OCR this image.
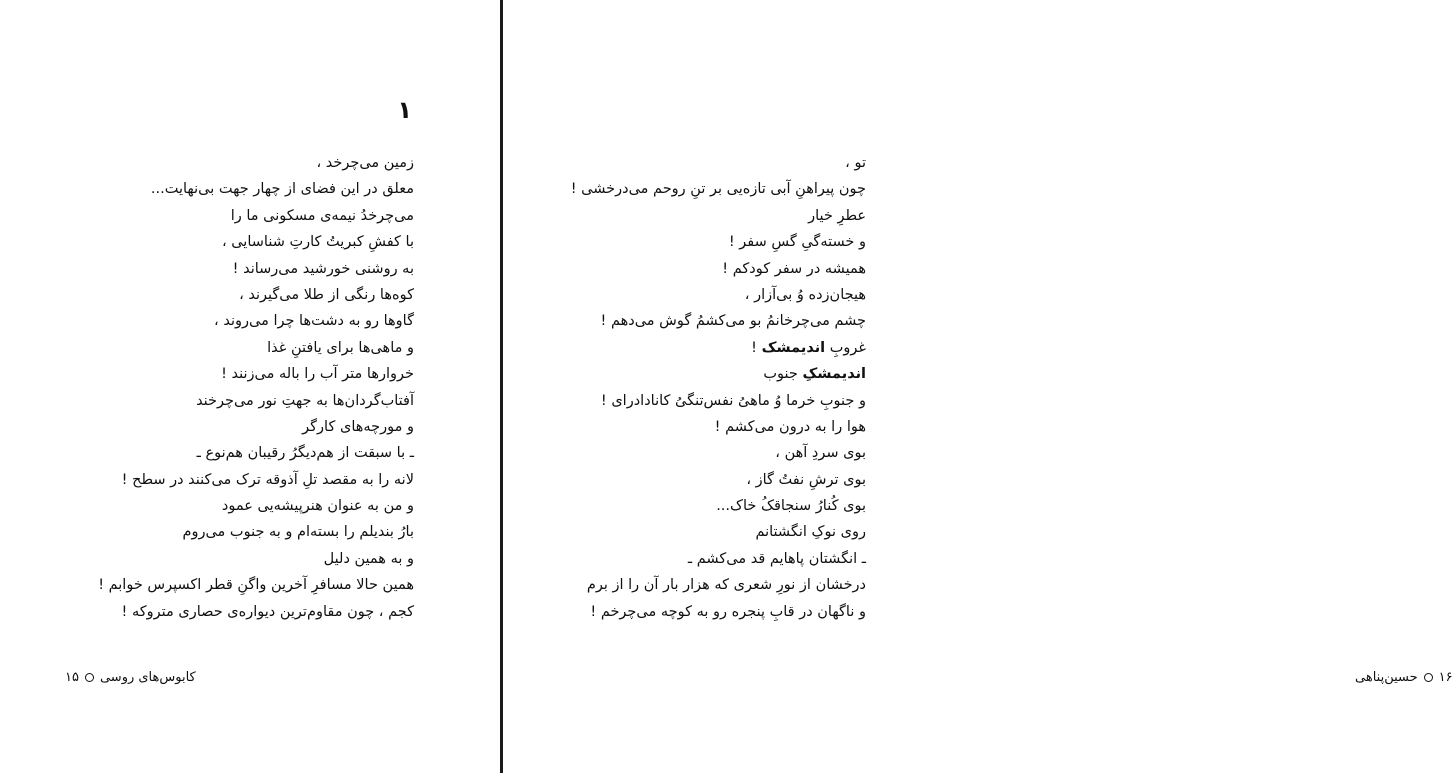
۱
زمین می‌چرخد ،
معلق در این فضای از چهار جهت بی‌نهایت...
می‌چرخدُ نیمه‌ی مسکونی ما را
با کفشِ کبریتُ کارتِ شناسایی ،
به روشنی خورشید می‌رساند !
کوه‌ها رنگی از طلا می‌گیرند ،
گاوها رو به دشت‌ها چرا می‌روند ،
و ماهی‌ها برای یافتنِ غذا
خروارها متر آب را باله می‌زنند !
آفتاب‌گردان‌ها به جهتِ نور می‌چرخند
و مورچه‌های کارگر
ـ با سبقت از هم‌دیگرُ رقیبان هم‌نوع ـ
لانه را به مقصد تلِ آذوقه ترک می‌کنند در سطح !
و من به عنوان هنرپیشه‌یی عمود
بارُ بندیلم را بسته‌ام و به جنوب می‌روم
و به همین دلیل
همین حالا مسافرِ آخرین واگنِ قطر اکسپرس خوابم !
کجم ، چون مقاوم‌ترین دیواره‌ی حصاری متروکه !
کابوس‌های روسی۱۵
تو ،
چون پیراهنِ آبی تازه‌یی بر تنِ روحم می‌درخشی !
عطرِ خیار
و خسته‌گیِ گسِ سفر !
همیشه در سفر کودکم !
هیجان‌زده وُ بی‌آزار ،
چشم می‌چرخانمُ بو می‌کشمُ گوش می‌دهم !
غروبِ اندیمشک !
اندیمشکِ جنوب
و جنوبِ خرما وُ ماهیُ نفس‌تنگیُ کانادادرای !
هوا را به درون می‌کشم !
بوی سردِ آهن ،
بوی ترشِ نفتُ گاز ،
بوی کُنارُ سنجاقکُ خاک...
روی نوکِ انگشتانم
ـ انگشتان پاهایم قد می‌کشم ـ
درخشان از نورِ شعری که هزار بار آن را از برم
و ناگهان در قابِ پنجره رو به کوچه می‌چرخم !
۱۶حسین‌پناهی
